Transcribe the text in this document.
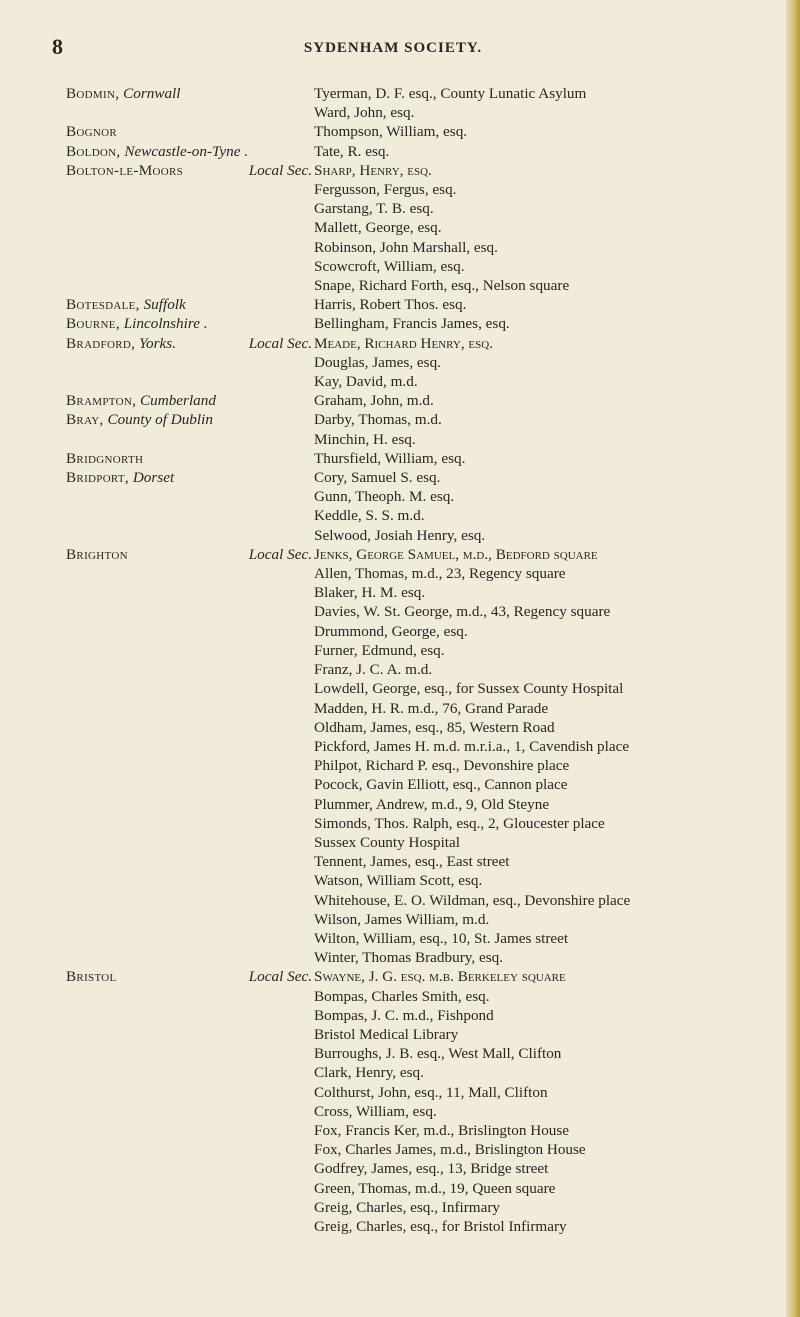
8	SYDENHAM SOCIETY.
Bodmin, Cornwall	Tyerman, D. F. esq., County Lunatic Asylum
Ward, John, esq.
Bognor	Thompson, William, esq.
Boldon, Newcastle-on-Tyne .	Tate, R. esq.
Bolton-le-Moors	Local Sec. Sharp, Henry, esq.
Fergusson, Fergus, esq.
Garstang, T. B. esq.
Mallett, George, esq.
Robinson, John Marshall, esq.
Scowcroft, William, esq.
Snape, Richard Forth, esq., Nelson square
Botesdale, Suffolk	Harris, Robert Thos. esq.
Bourne, Lincolnshire .	Bellingham, Francis James, esq.
Bradford, Yorks.	Local Sec. Meade, Richard Henry, esq.
Douglas, James, esq.
Kay, David, m.d.
Brampton, Cumberland	Graham, John, m.d.
Bray, County of Dublin	Darby, Thomas, m.d.
Minchin, H. esq.
Bridgnorth	Thursfield, William, esq.
Bridport, Dorset	Cory, Samuel S. esq.
Gunn, Theoph. M. esq.
Keddle, S. S. m.d.
Selwood, Josiah Henry, esq.
Brighton	Local Sec. Jenks, George Samuel, m.d., Bedford square
Allen, Thomas, m.d., 23, Regency square
Blaker, H. M. esq.
Davies, W. St. George, m.d., 43, Regency square
Drummond, George, esq.
Furner, Edmund, esq.
Franz, J. C. A. m.d.
Lowdell, George, esq., for Sussex County Hospital
Madden, H. R. m.d., 76, Grand Parade
Oldham, James, esq., 85, Western Road
Pickford, James H. m.d. m.r.i.a., 1, Cavendish place
Philpot, Richard P. esq., Devonshire place
Pocock, Gavin Elliott, esq., Cannon place
Plummer, Andrew, m.d., 9, Old Steyne
Simonds, Thos. Ralph, esq., 2, Gloucester place
Sussex County Hospital
Tennent, James, esq., East street
Watson, William Scott, esq.
Whitehouse, E. O. Wildman, esq., Devonshire place
Wilson, James William, m.d.
Wilton, William, esq., 10, St. James street
Winter, Thomas Bradbury, esq.
Bristol	Local Sec. Swayne, J. G. esq. m.b. Berkeley square
Bompas, Charles Smith, esq.
Bompas, J. C. m.d., Fishpond
Bristol Medical Library
Burroughs, J. B. esq., West Mall, Clifton
Clark, Henry, esq.
Colthurst, John, esq., 11, Mall, Clifton
Cross, William, esq.
Fox, Francis Ker, m.d., Brislington House
Fox, Charles James, m.d., Brislington House
Godfrey, James, esq., 13, Bridge street
Green, Thomas, m.d., 19, Queen square
Greig, Charles, esq., Infirmary
Greig, Charles, esq., for Bristol Infirmary
